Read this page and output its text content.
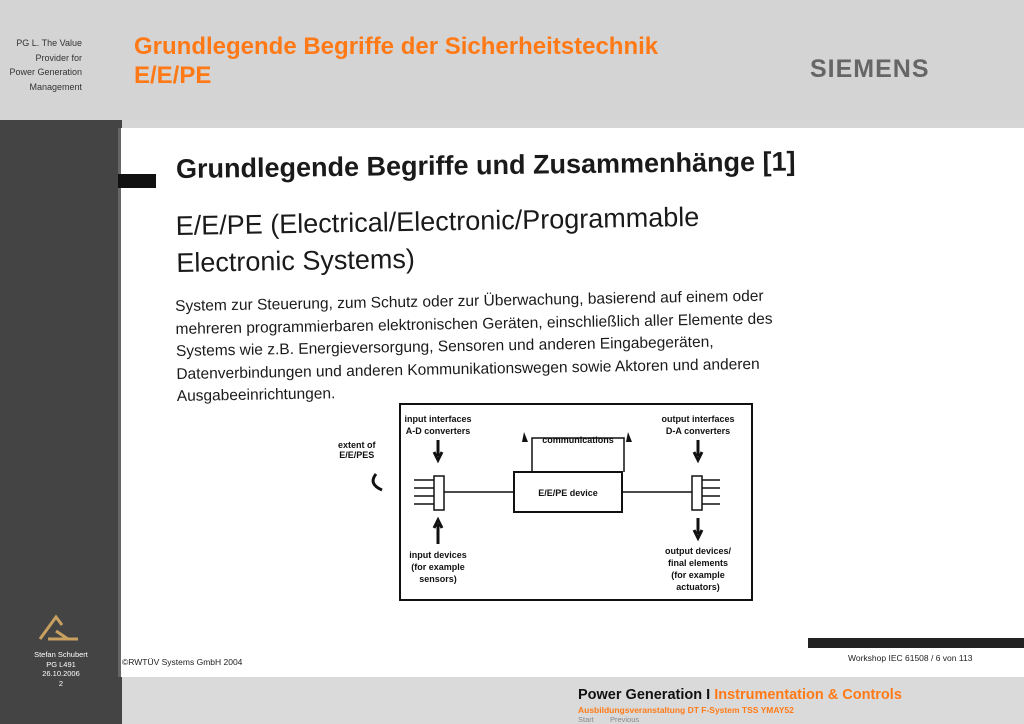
PG L. The Value
Provider for
Power Generation
Management
Grundlegende Begriffe der Sicherheitstechnik
E/E/PE	SIEMENS
Stefan Schubert
PG L491
26.10.2006
2
Grundlegende Begriffe und Zusammenhänge [1]
E/E/PE (Electrical/Electronic/Programmable
Electronic Systems)
System zur Steuerung, zum Schutz oder zur Überwachung, basierend auf einem oder
mehreren programmierbaren elektronischen Geräten, einschließlich aller Elemente des
Systems wie z.B. Energieversorgung, Sensoren und anderen Eingabegeräten,
Datenverbindungen und anderen Kommunikationswegen sowie Aktoren und anderen
Ausgabeeinrichtungen.
extent of
E/E/PES
E/E/PE device
communications
input interfaces
A-D converters
output interfaces
D-A converters
input devices
(for example
sensors)
output devices/
final elements
(for example
actuators)
©RWTÜV Systems GmbH 2004	Workshop IEC 61508 / 6 von 113
Power Generation I Instrumentation & Controls
Ausbildungsveranstaltung DT F-System TSS YMAY52
Start Previous
